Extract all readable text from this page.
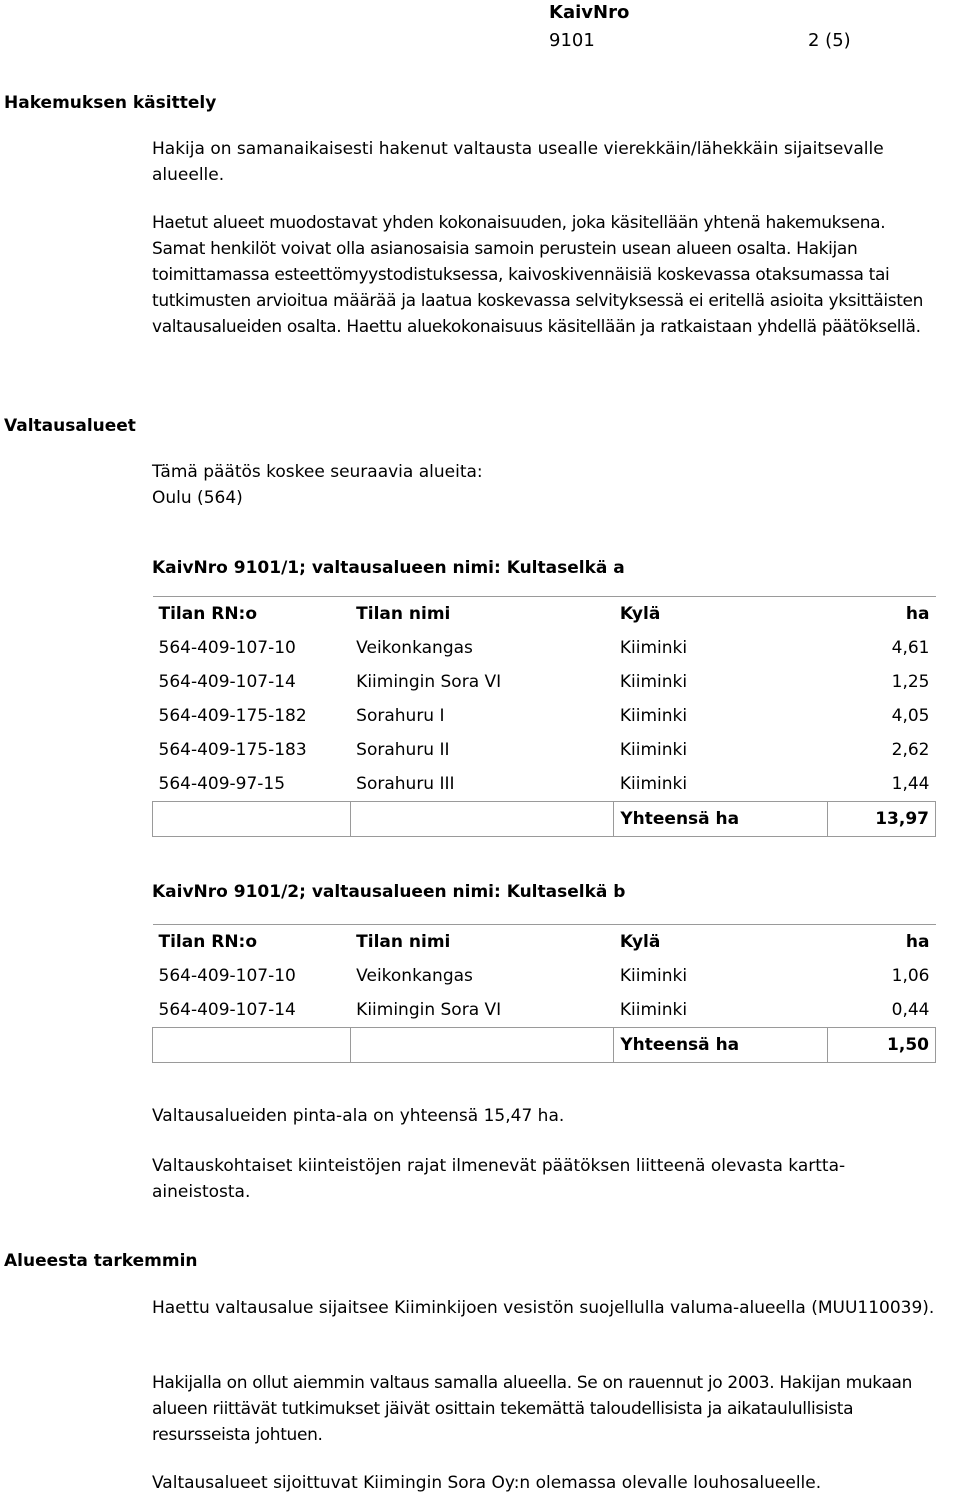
KaivNro
9101	2 (5)
Hakemuksen käsittely

Hakija on samanaikaisesti hakenut valtausta usealle vierekkäin/lähekkäin sijaitsevalle alueelle.

Haetut alueet muodostavat yhden kokonaisuuden, joka käsitellään yhtenä hakemuksena. Samat henkilöt voivat olla asianosaisia samoin perustein usean alueen osalta. Hakijan toimittamassa esteettömyystodistuksessa, kaivoskivennäisiä koskevassa otaksumassa tai tutkimusten arvioitua määrää ja laatua koskevassa selvityksessä ei eritellä asioita yksittäisten valtausalueiden osalta. Haettu aluekokonaisuus käsitellään ja ratkaistaan yhdellä päätöksellä.

Valtausalueet

Tämä päätös koskee seuraavia alueita:

Oulu (564)

KaivNro 9101/1; valtausalueen nimi: Kultaselkä a
Tilan RN:o	Tilan nimi	Kylä	ha
564-409-107-10	Veikonkangas	Kiiminki	4,61
564-409-107-14	Kiimingin Sora VI	Kiiminki	1,25
564-409-175-182	Sorahuru I	Kiiminki	4,05
564-409-175-183	Sorahuru II	Kiiminki	2,62
564-409-97-15	Sorahuru III	Kiiminki	1,44
		Yhteensä ha	13,97
KaivNro 9101/2; valtausalueen nimi: Kultaselkä b
Tilan RN:o	Tilan nimi	Kylä	ha
564-409-107-10	Veikonkangas	Kiiminki	1,06
564-409-107-14	Kiimingin Sora VI	Kiiminki	0,44
		Yhteensä ha	1,50

Valtausalueiden pinta-ala on yhteensä 15,47 ha.

Valtauskohtaiset kiinteistöjen rajat ilmenevät päätöksen liitteenä olevasta kartta-aineistosta.

Alueesta tarkemmin

Haettu valtausalue sijaitsee Kiiminkijoen vesistön suojellulla valuma-alueella (MUU110039).

Hakijalla on ollut aiemmin valtaus samalla alueella. Se on rauennut jo 2003. Hakijan mukaan alueen riittävät tutkimukset jäivät osittain tekemättä taloudellisista ja aikataulullisista resursseista johtuen.

Valtausalueet sijoittuvat Kiimingin Sora Oy:n olemassa olevalle louhosalueelle.
